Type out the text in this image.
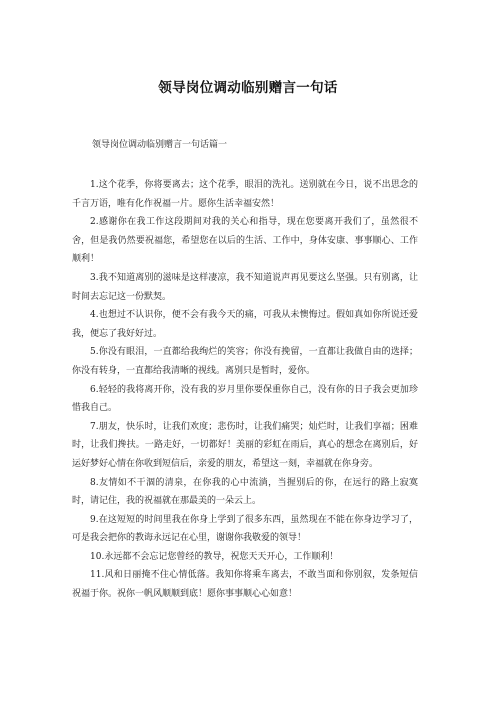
领导岗位调动临别赠言一句话

领导岗位调动临别赠言一句话篇一

1.这个花季，你将要离去；这个花季，眼泪的洗礼。送别就在今日，说不出思念的千言万语，唯有化作祝福一片。愿你生活幸福安然！

2.感谢你在我工作这段期间对我的关心和指导，现在您要离开我们了，虽然很不舍，但是我仍然要祝福您，希望您在以后的生活、工作中，身体安康、事事顺心、工作顺利！

3.我不知道离别的滋味是这样凄凉，我不知道说声再见要这么坚强。只有别离，让时间去忘记这一份默契。

4.也想过不认识你，便不会有我今天的痛，可我从未懊悔过。假如真如你所说还爱我，便忘了我好好过。

5.你没有眼泪，一直都给我绚烂的笑容；你没有挽留，一直都让我做自由的选择；你没有转身，一直都给我清晰的视线。离别只是暂时，爱你。

6.轻轻的我将离开你，没有我的岁月里你要保重你自己，没有你的日子我会更加珍惜我自己。

7.朋友，快乐时，让我们欢度；悲伤时，让我们痛哭；灿烂时，让我们享福；困难时，让我们搀扶。一路走好，一切都好！美丽的彩虹在雨后，真心的想念在离别后，好运好梦好心情在你收到短信后，亲爱的朋友，希望这一刻，幸福就在你身旁。

8.友情如不干涸的清泉，在你我的心中流淌，当握别后的你，在远行的路上寂寞时，请记住，我的祝福就在那最美的一朵云上。

9.在这短短的时间里我在你身上学到了很多东西，虽然现在不能在你身边学习了，可是我会把你的教诲永远记在心里，谢谢你我敬爱的领导！

10.永远都不会忘记您曾经的教导，祝您天天开心，工作顺利！

11.风和日丽掩不住心情低落。我知你将乘车离去，不敢当面和你别叙，发条短信祝福于你。祝你一帆风顺顺到底！愿你事事顺心心如意！
